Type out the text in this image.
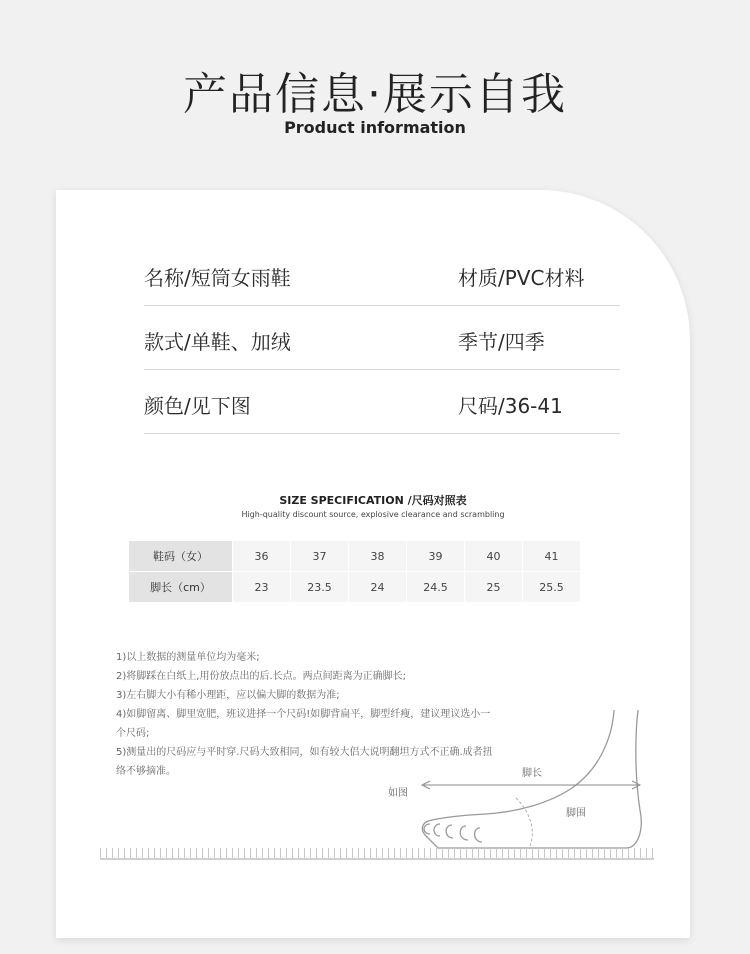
产品信息·展示自我
Product information
名称/短筒女雨鞋	材质/PVC材料
款式/单鞋、加绒	季节/四季
颜色/见下图	尺码/36-41
SIZE SPECIFICATION /尺码对照表
High-quality discount source, explosive clearance and scrambling
鞋码（女）	36	37	38	39	40	41
脚长（cm）	23	23.5	24	24.5	25	25.5
1)以上数据的测量单位均为毫米;
2)将脚踩在白纸上,用份放点出的后.长点。两点间距离为正确脚长;
3)左右脚大小有稀小理距，应以偏大脚的数据为准;
4)如脚留离、脚里宽肥，班议进择一个尺码!如脚背扁平，脚型纤瘦，建议理议选小一个尺码;
5)测量出的尺码应与平时穿.尺码大致相同，如有较大侣大说明翻坦方式不正确.成者扭络不够摘准。	脚长
脚围
如图
